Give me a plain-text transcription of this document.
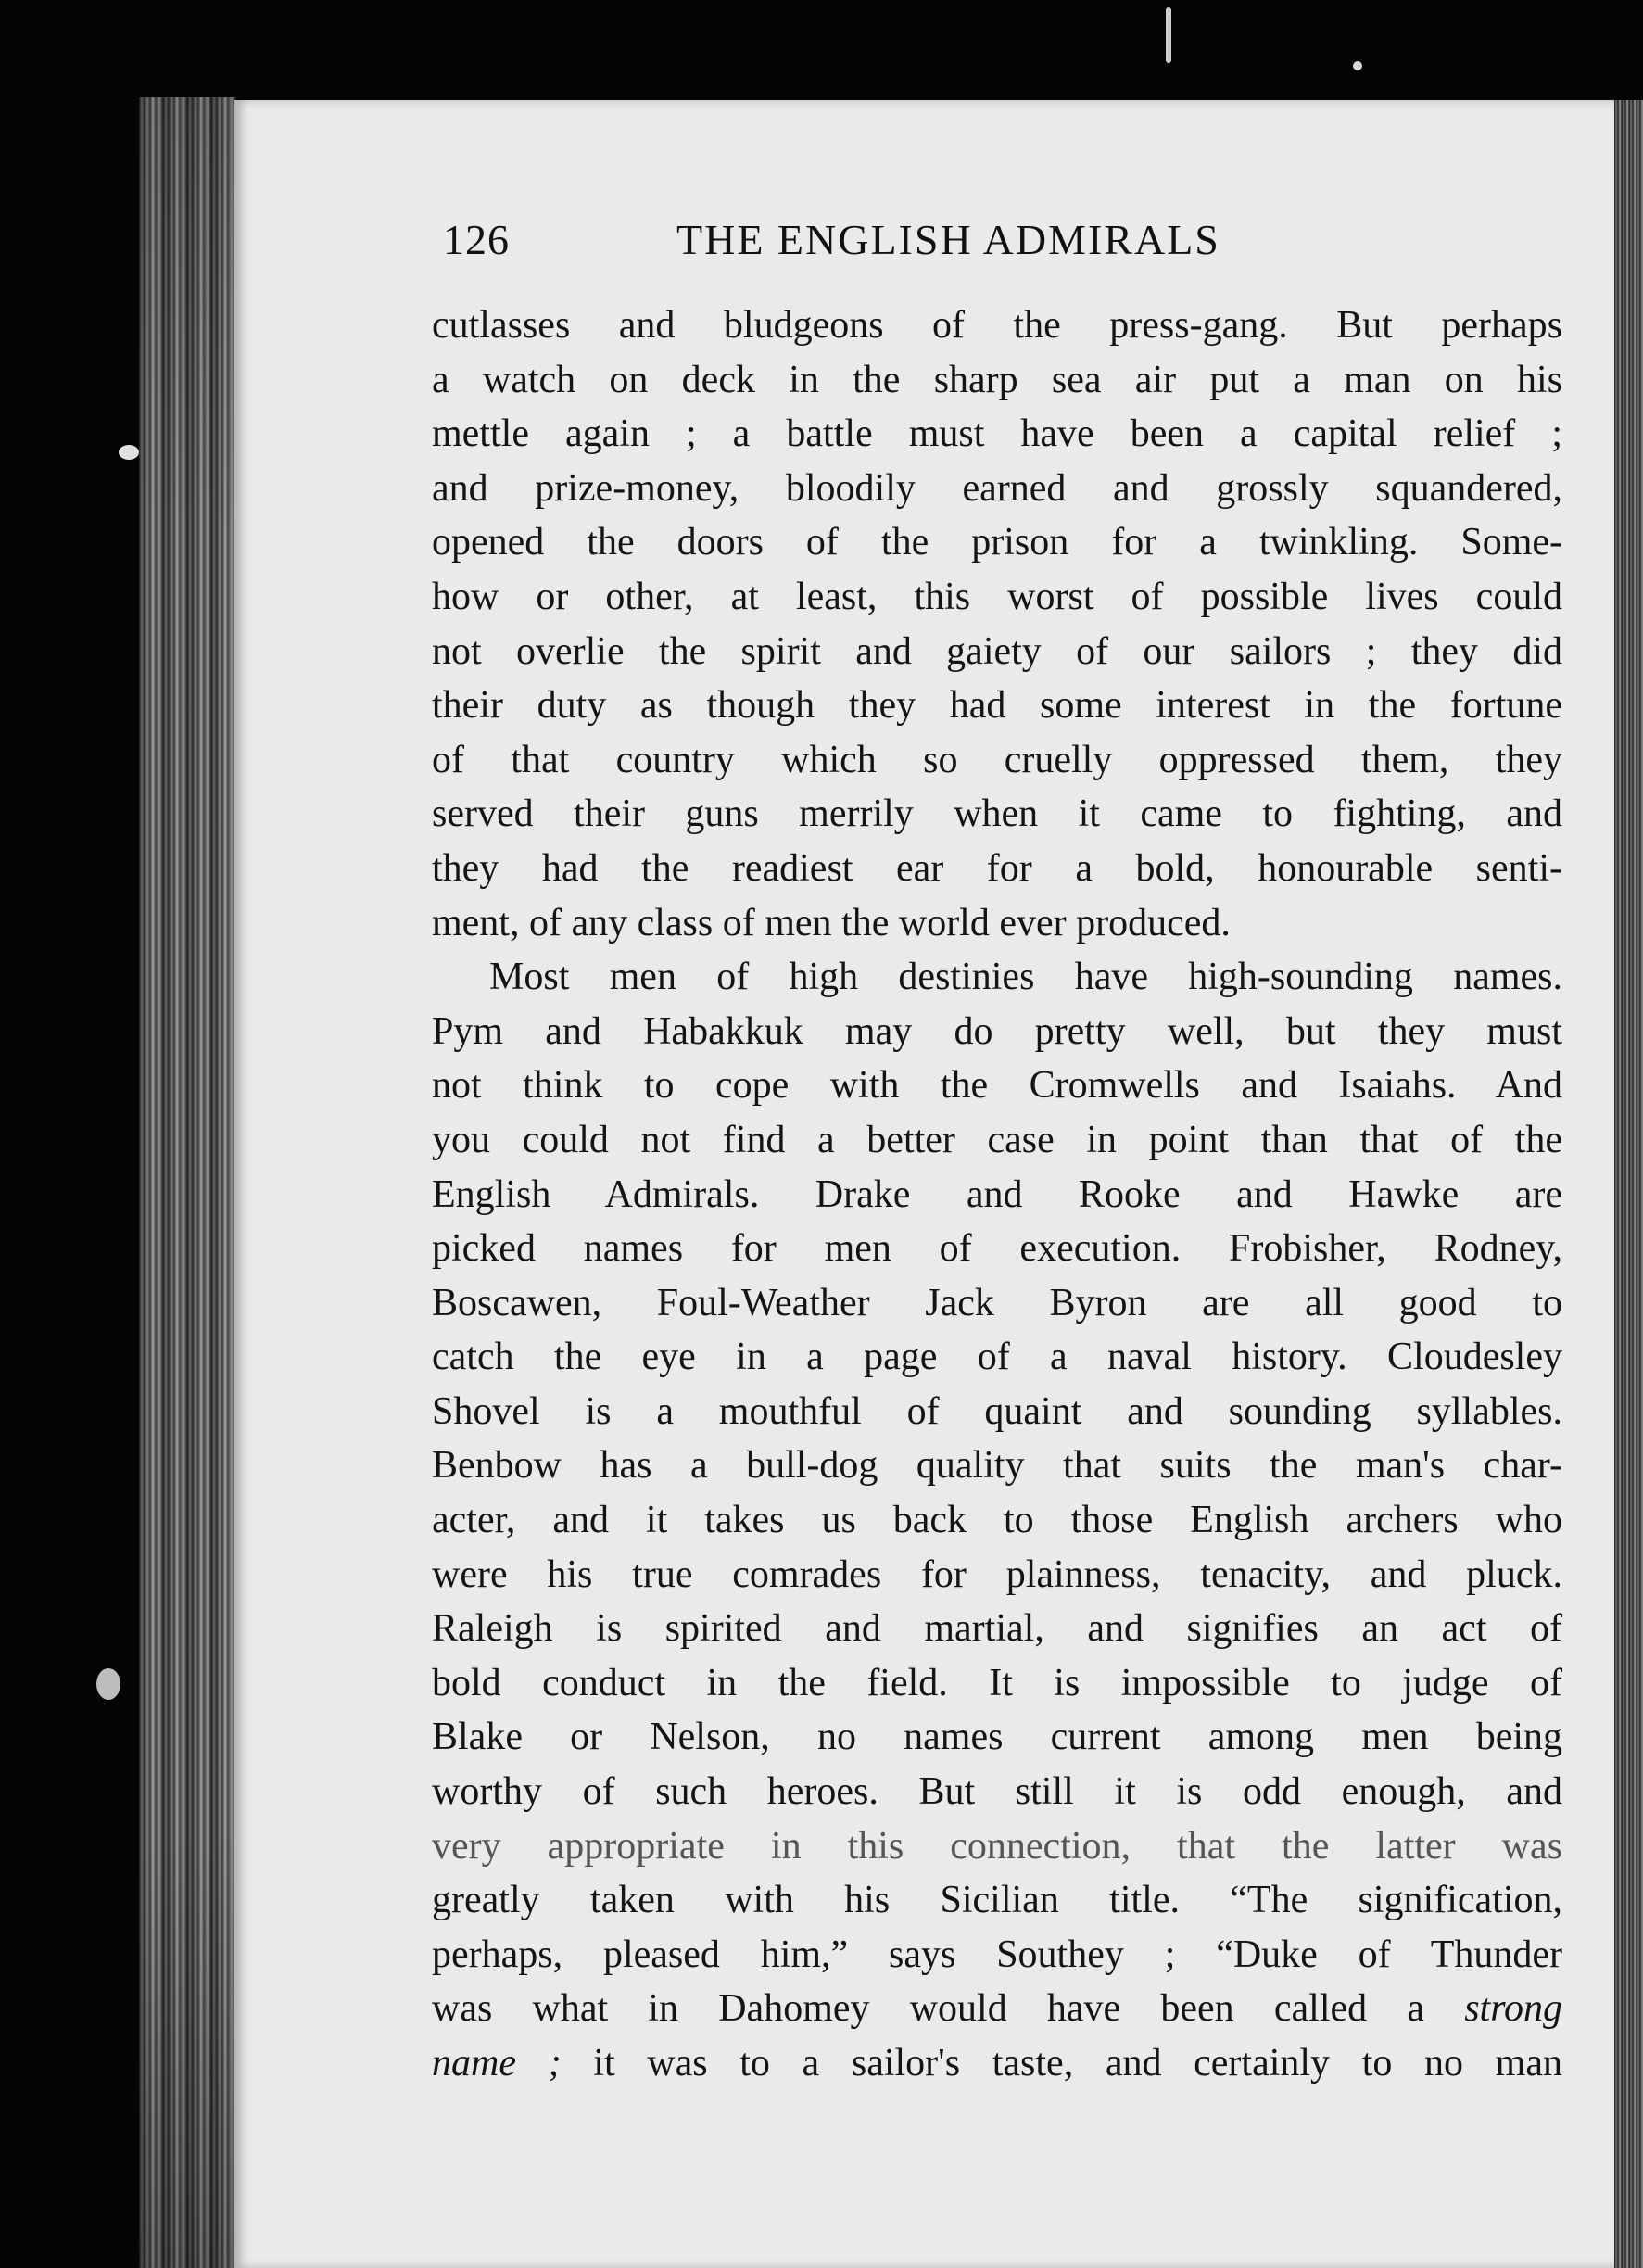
126	THE ENGLISH ADMIRALS
cutlasses and bludgeons of the press-gang. But perhaps
a watch on deck in the sharp sea air put a man on his
mettle again ; a battle must have been a capital relief ;
and prize-money, bloodily earned and grossly squandered,
opened the doors of the prison for a twinkling. Some-
how or other, at least, this worst of possible lives could
not overlie the spirit and gaiety of our sailors ; they did
their duty as though they had some interest in the fortune
of that country which so cruelly oppressed them, they
served their guns merrily when it came to fighting, and
they had the readiest ear for a bold, honourable senti-
ment, of any class of men the world ever produced.
Most men of high destinies have high-sounding names.
Pym and Habakkuk may do pretty well, but they must
not think to cope with the Cromwells and Isaiahs. And
you could not find a better case in point than that of the
English Admirals. Drake and Rooke and Hawke are
picked names for men of execution. Frobisher, Rodney,
Boscawen, Foul-Weather Jack Byron are all good to
catch the eye in a page of a naval history. Cloudesley
Shovel is a mouthful of quaint and sounding syllables.
Benbow has a bull-dog quality that suits the man's char-
acter, and it takes us back to those English archers who
were his true comrades for plainness, tenacity, and pluck.
Raleigh is spirited and martial, and signifies an act of
bold conduct in the field. It is impossible to judge of
Blake or Nelson, no names current among men being
worthy of such heroes. But still it is odd enough, and
very appropriate in this connection, that the latter was
greatly taken with his Sicilian title. “The signification,
perhaps, pleased him,” says Southey ; “Duke of Thunder
was what in Dahomey would have been called a strong
name ; it was to a sailor's taste, and certainly to no man
